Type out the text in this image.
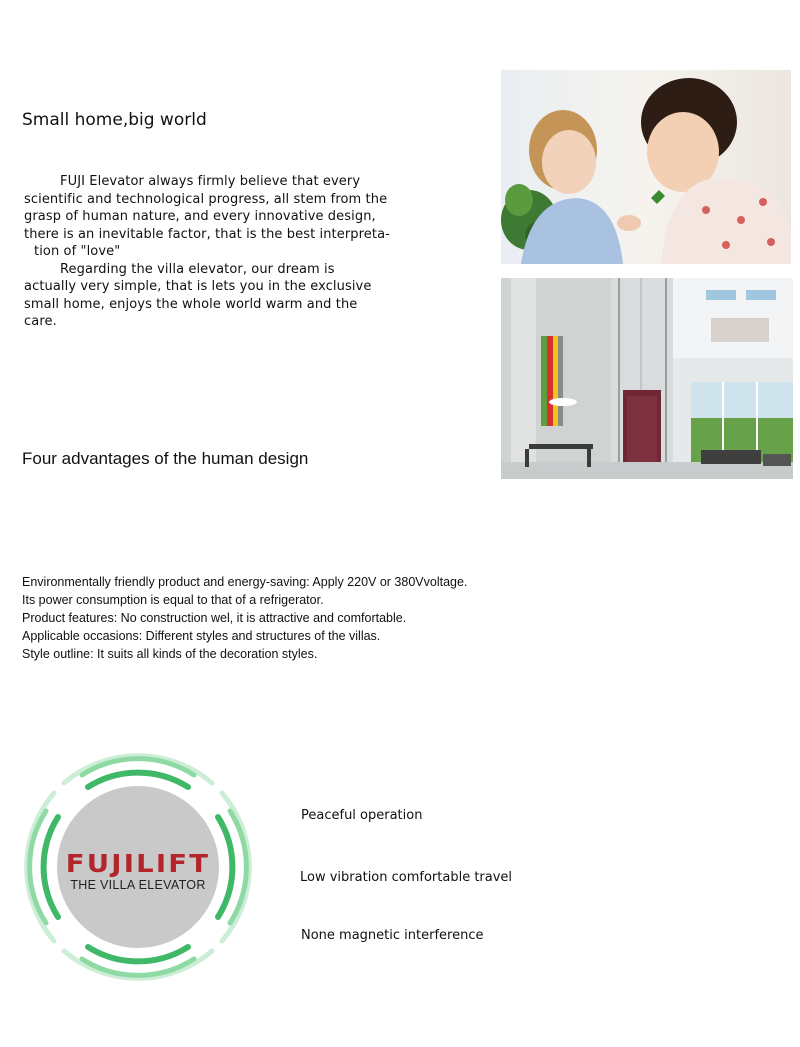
Small home,big world

FUJI Elevator always firmly believe that every

scientific and technological progress, all stem from the

grasp of human nature, and every innovative design,

there is an inevitable factor, that is the best interpreta-

tion of "love"

Regarding the villa elevator, our dream is

actually very simple, that is lets you in the exclusive

small home, enjoys the whole world warm and the

care.

Four advantages of the human design
Environmentally friendly product and energy-saving: Apply 220V or 380Vvoltage.
Its power consumption is equal to that of a refrigerator.
Product features: No construction wel, it is attractive and comfortable.
Applicable occasions: Different styles and structures of the villas.
Style outline: It suits all kinds of the decoration styles.
FUJILIFT
THE VILLA ELEVATOR
Peaceful operation
Low vibration comfortable travel
None magnetic interference
